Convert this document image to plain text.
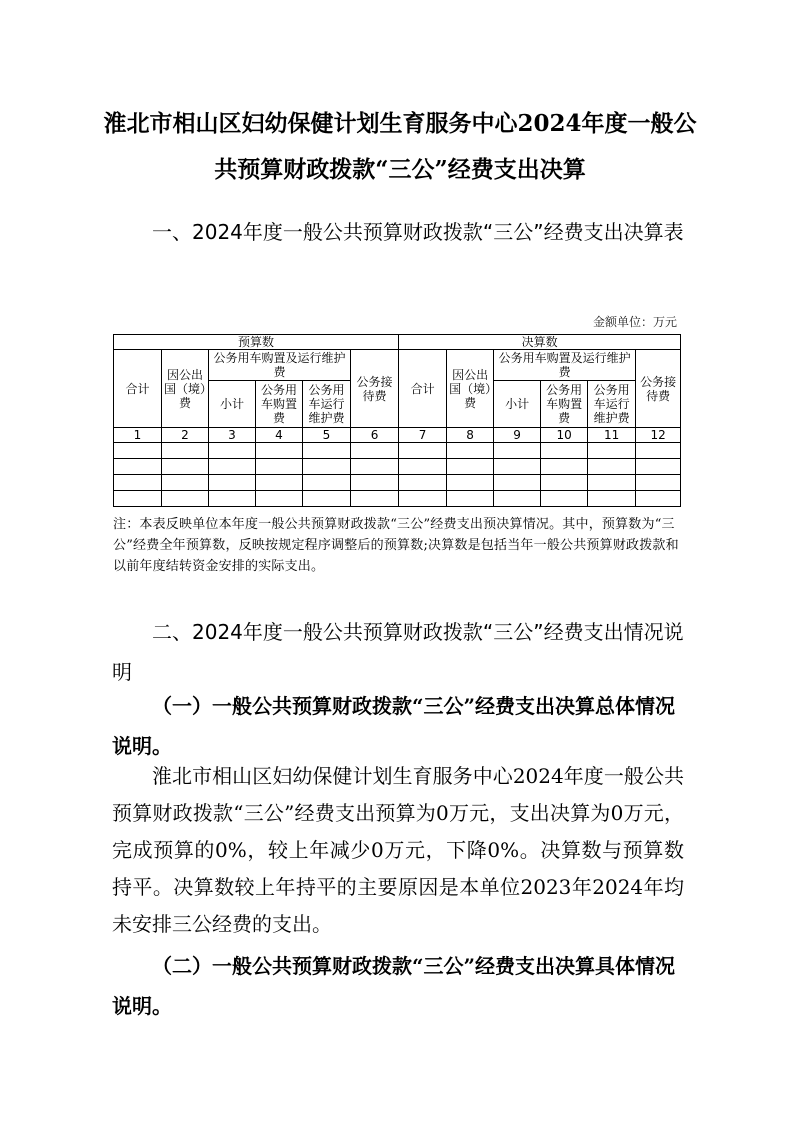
淮北市相山区妇幼保健计划生育服务中心2024年度一般公共预算财政拨款“三公”经费支出决算
一、2024年度一般公共预算财政拨款“三公”经费支出决算表
金额单位：万元
预算数						决算数					
合计	因公出国（境）费	公务用车购置及运行维护费			公务接待费	合计	因公出国（境）费	公务用车购置及运行维护费			公务接待费
		小计	公务用车购置费	公务用车运行维护费				小计	公务用车购置费	公务用车运行维护费	
1	2	3	4	5	6	7	8	9	10	11	12

注：本表反映单位本年度一般公共预算财政拨款“三公”经费支出预决算情况。其中，预算数为“三公”经费全年预算数，反映按规定程序调整后的预算数;决算数是包括当年一般公共预算财政拨款和以前年度结转资金安排的实际支出。
二、2024年度一般公共预算财政拨款“三公”经费支出情况说明
（一）一般公共预算财政拨款“三公”经费支出决算总体情况说明。
淮北市相山区妇幼保健计划生育服务中心2024年度一般公共预算财政拨款“三公”经费支出预算为0万元，支出决算为0万元，完成预算的0%，较上年减少0万元，下降0%。决算数与预算数持平。决算数较上年持平的主要原因是本单位2023年2024年均未安排三公经费的支出。
（二）一般公共预算财政拨款“三公”经费支出决算具体情况说明。
